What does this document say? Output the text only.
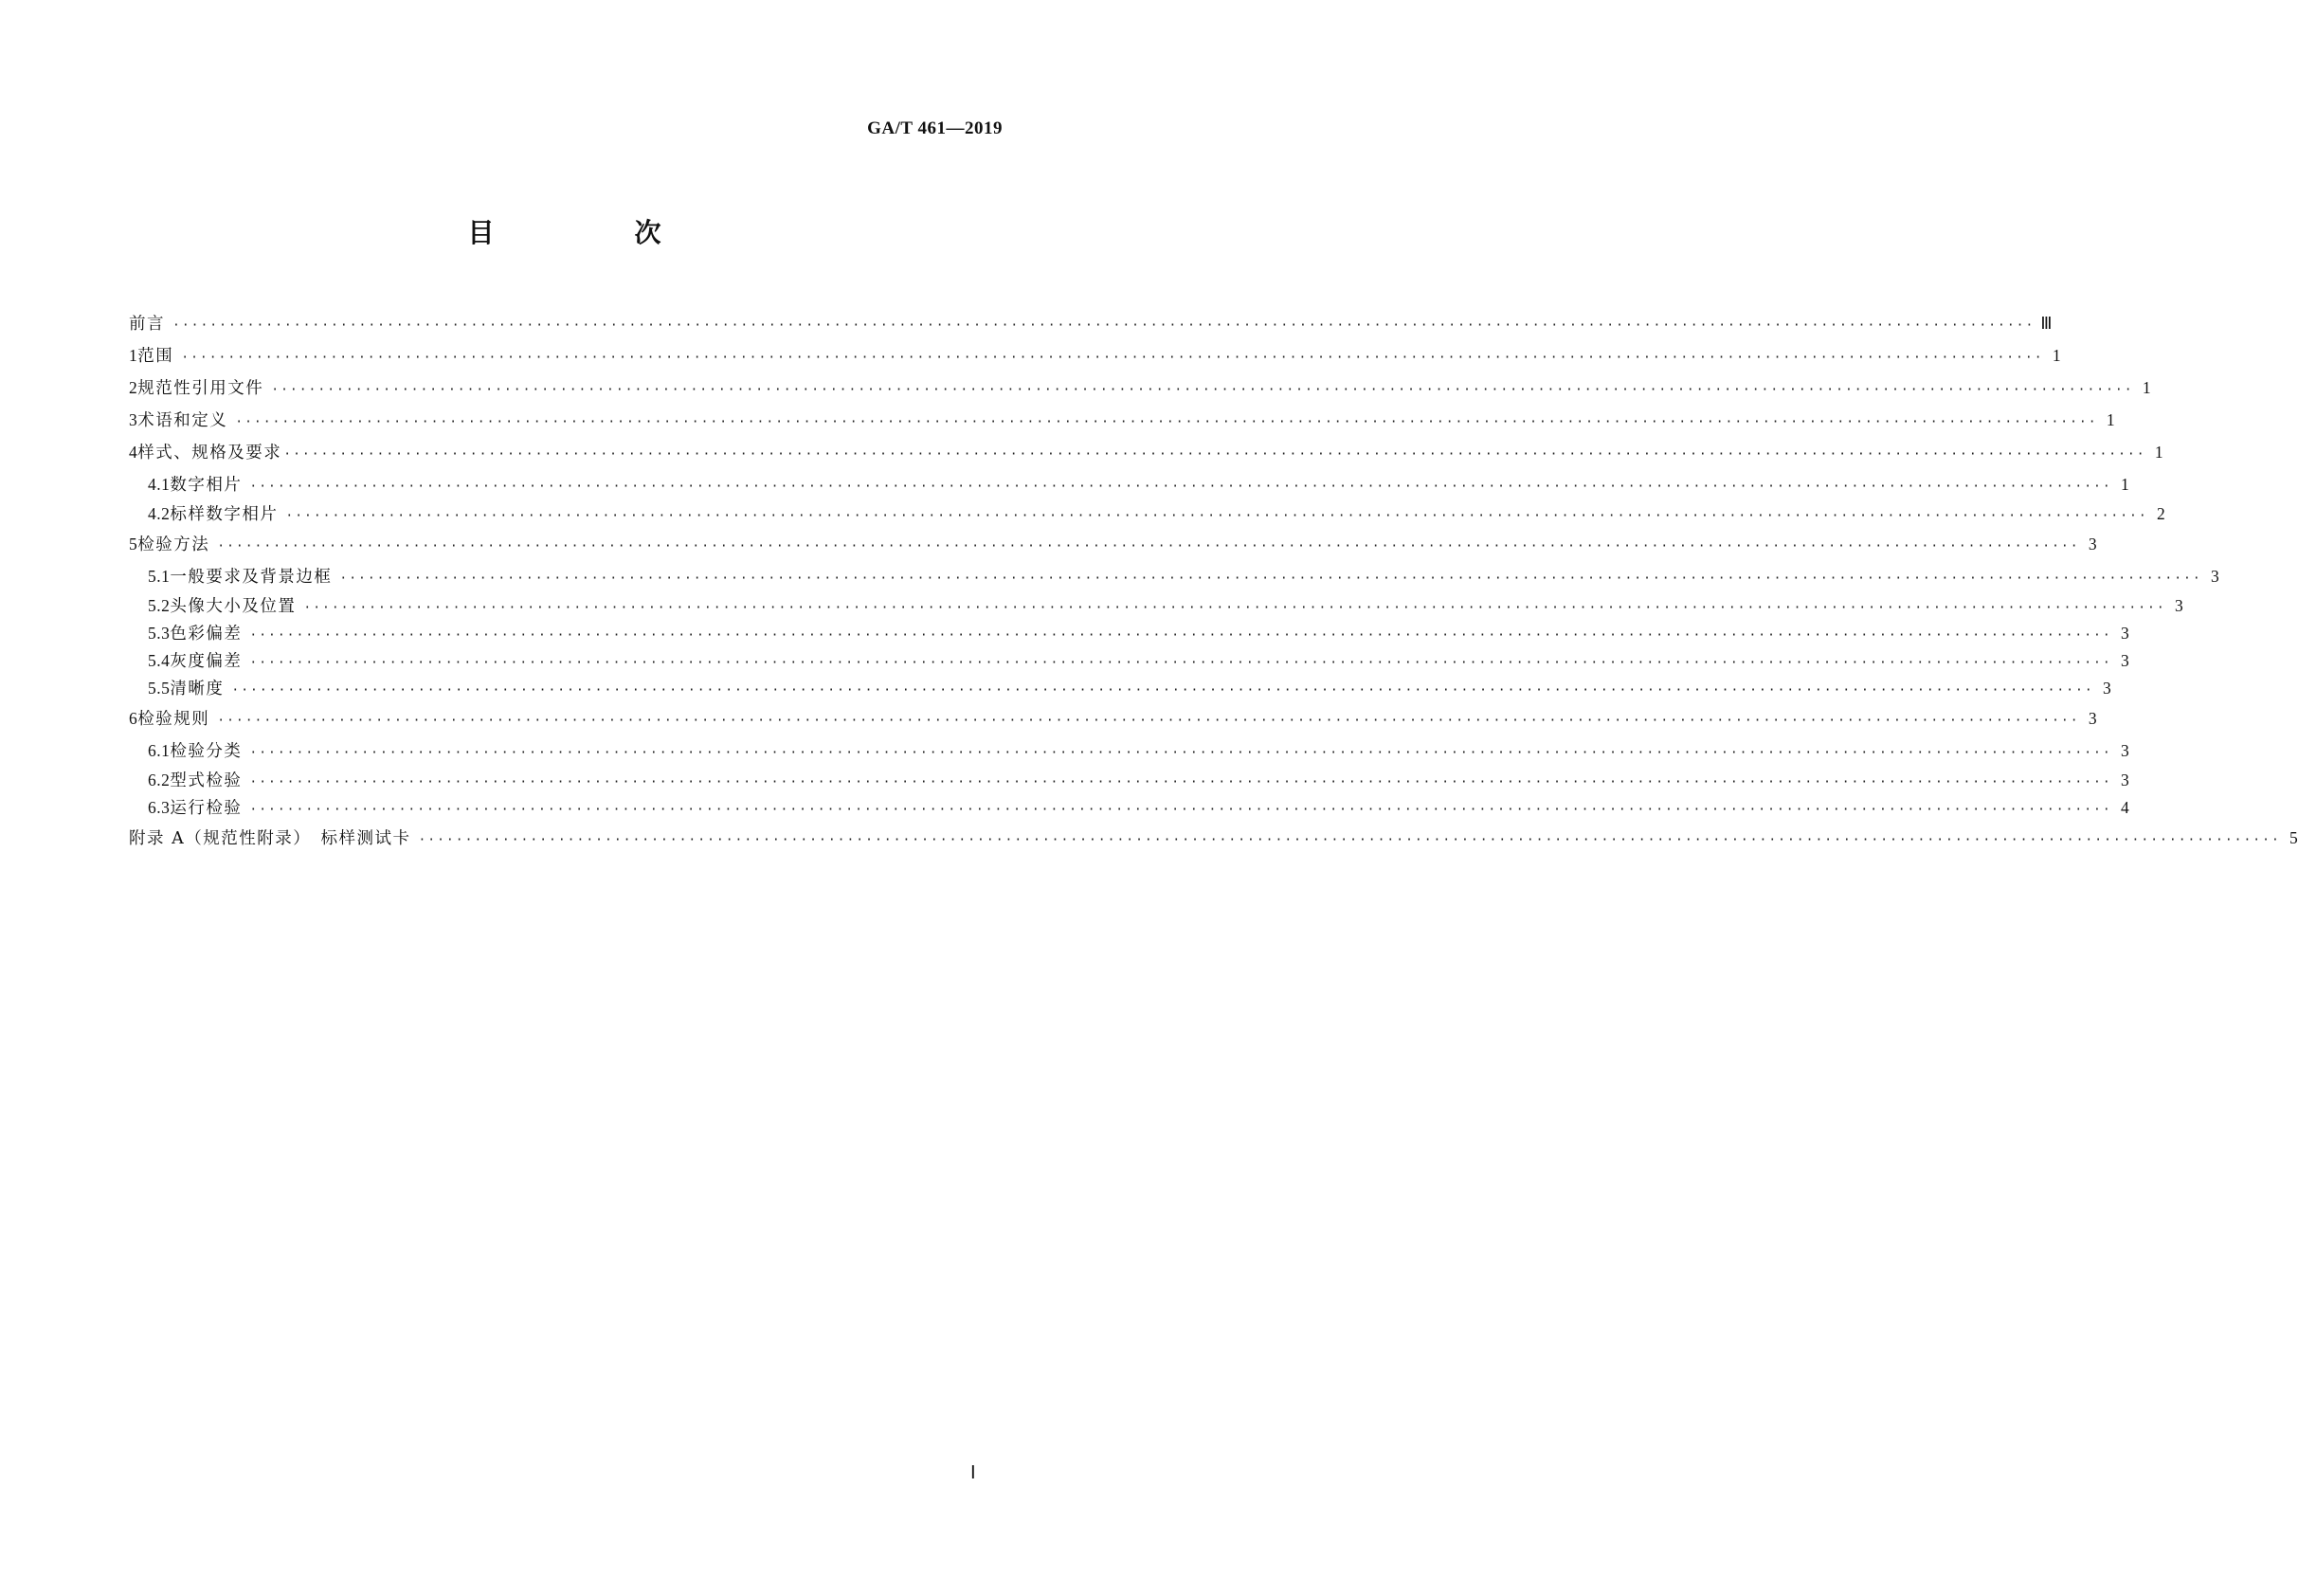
GA/T 461—2019
目　次
前言 ········································································································································································································ Ⅲ
1 范围 ········································································································································································································ 1
2 规范性引用文件 ········································································································································································································ 1
3 术语和定义 ········································································································································································································ 1
4 样式、规格及要求 ········································································································································································································ 1
4.1 数字相片 ········································································································································································································ 1
4.2 标样数字相片 ········································································································································································································ 2
5 检验方法 ········································································································································································································ 3
5.1 一般要求及背景边框 ········································································································································································································ 3
5.2 头像大小及位置 ········································································································································································································ 3
5.3 色彩偏差 ········································································································································································································ 3
5.4 灰度偏差 ········································································································································································································ 3
5.5 清晰度 ········································································································································································································ 3
6 检验规则 ········································································································································································································ 3
6.1 检验分类 ········································································································································································································ 3
6.2 型式检验 ········································································································································································································ 3
6.3 运行检验 ········································································································································································································ 4
附录 A（规范性附录）　标样测试卡 ········································································································································································································ 5
Ⅰ
